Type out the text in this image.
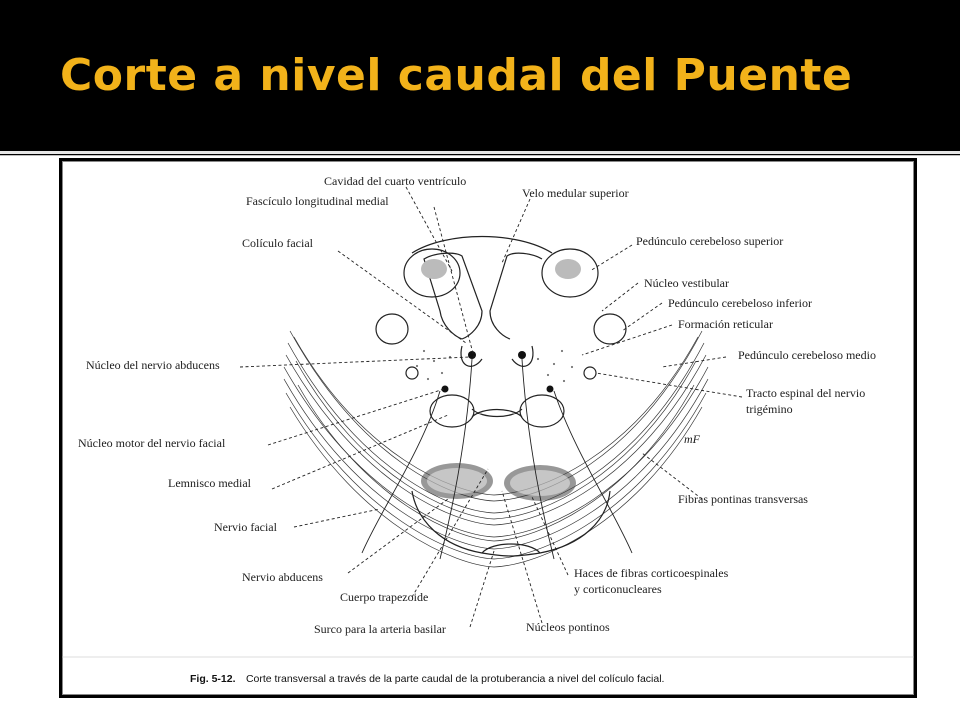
Corte a nivel caudal del Puente
Cavidad del cuarto ventrículo
Fascículo longitudinal medial
Velo medular superior
Colículo facial	Pedúnculo cerebeloso superior
Núcleo vestibular
Pedúnculo cerebeloso inferior
Formación reticular
Núcleo del nervio abducens
Pedúnculo cerebeloso medio
Tracto espinal del nervio
trigémino
Núcleo motor del nervio facial	mF
Lemnisco medial
Fibras pontinas transversas
Nervio facial
Nervio abducens	Haces de fibras corticoespinales
y corticonucleares
Cuerpo trapezoide
Surco para la arteria basilar	Núcleos pontinos
Fig. 5-12. Corte transversal a través de la parte caudal de la protuberancia a nivel del colículo facial.
